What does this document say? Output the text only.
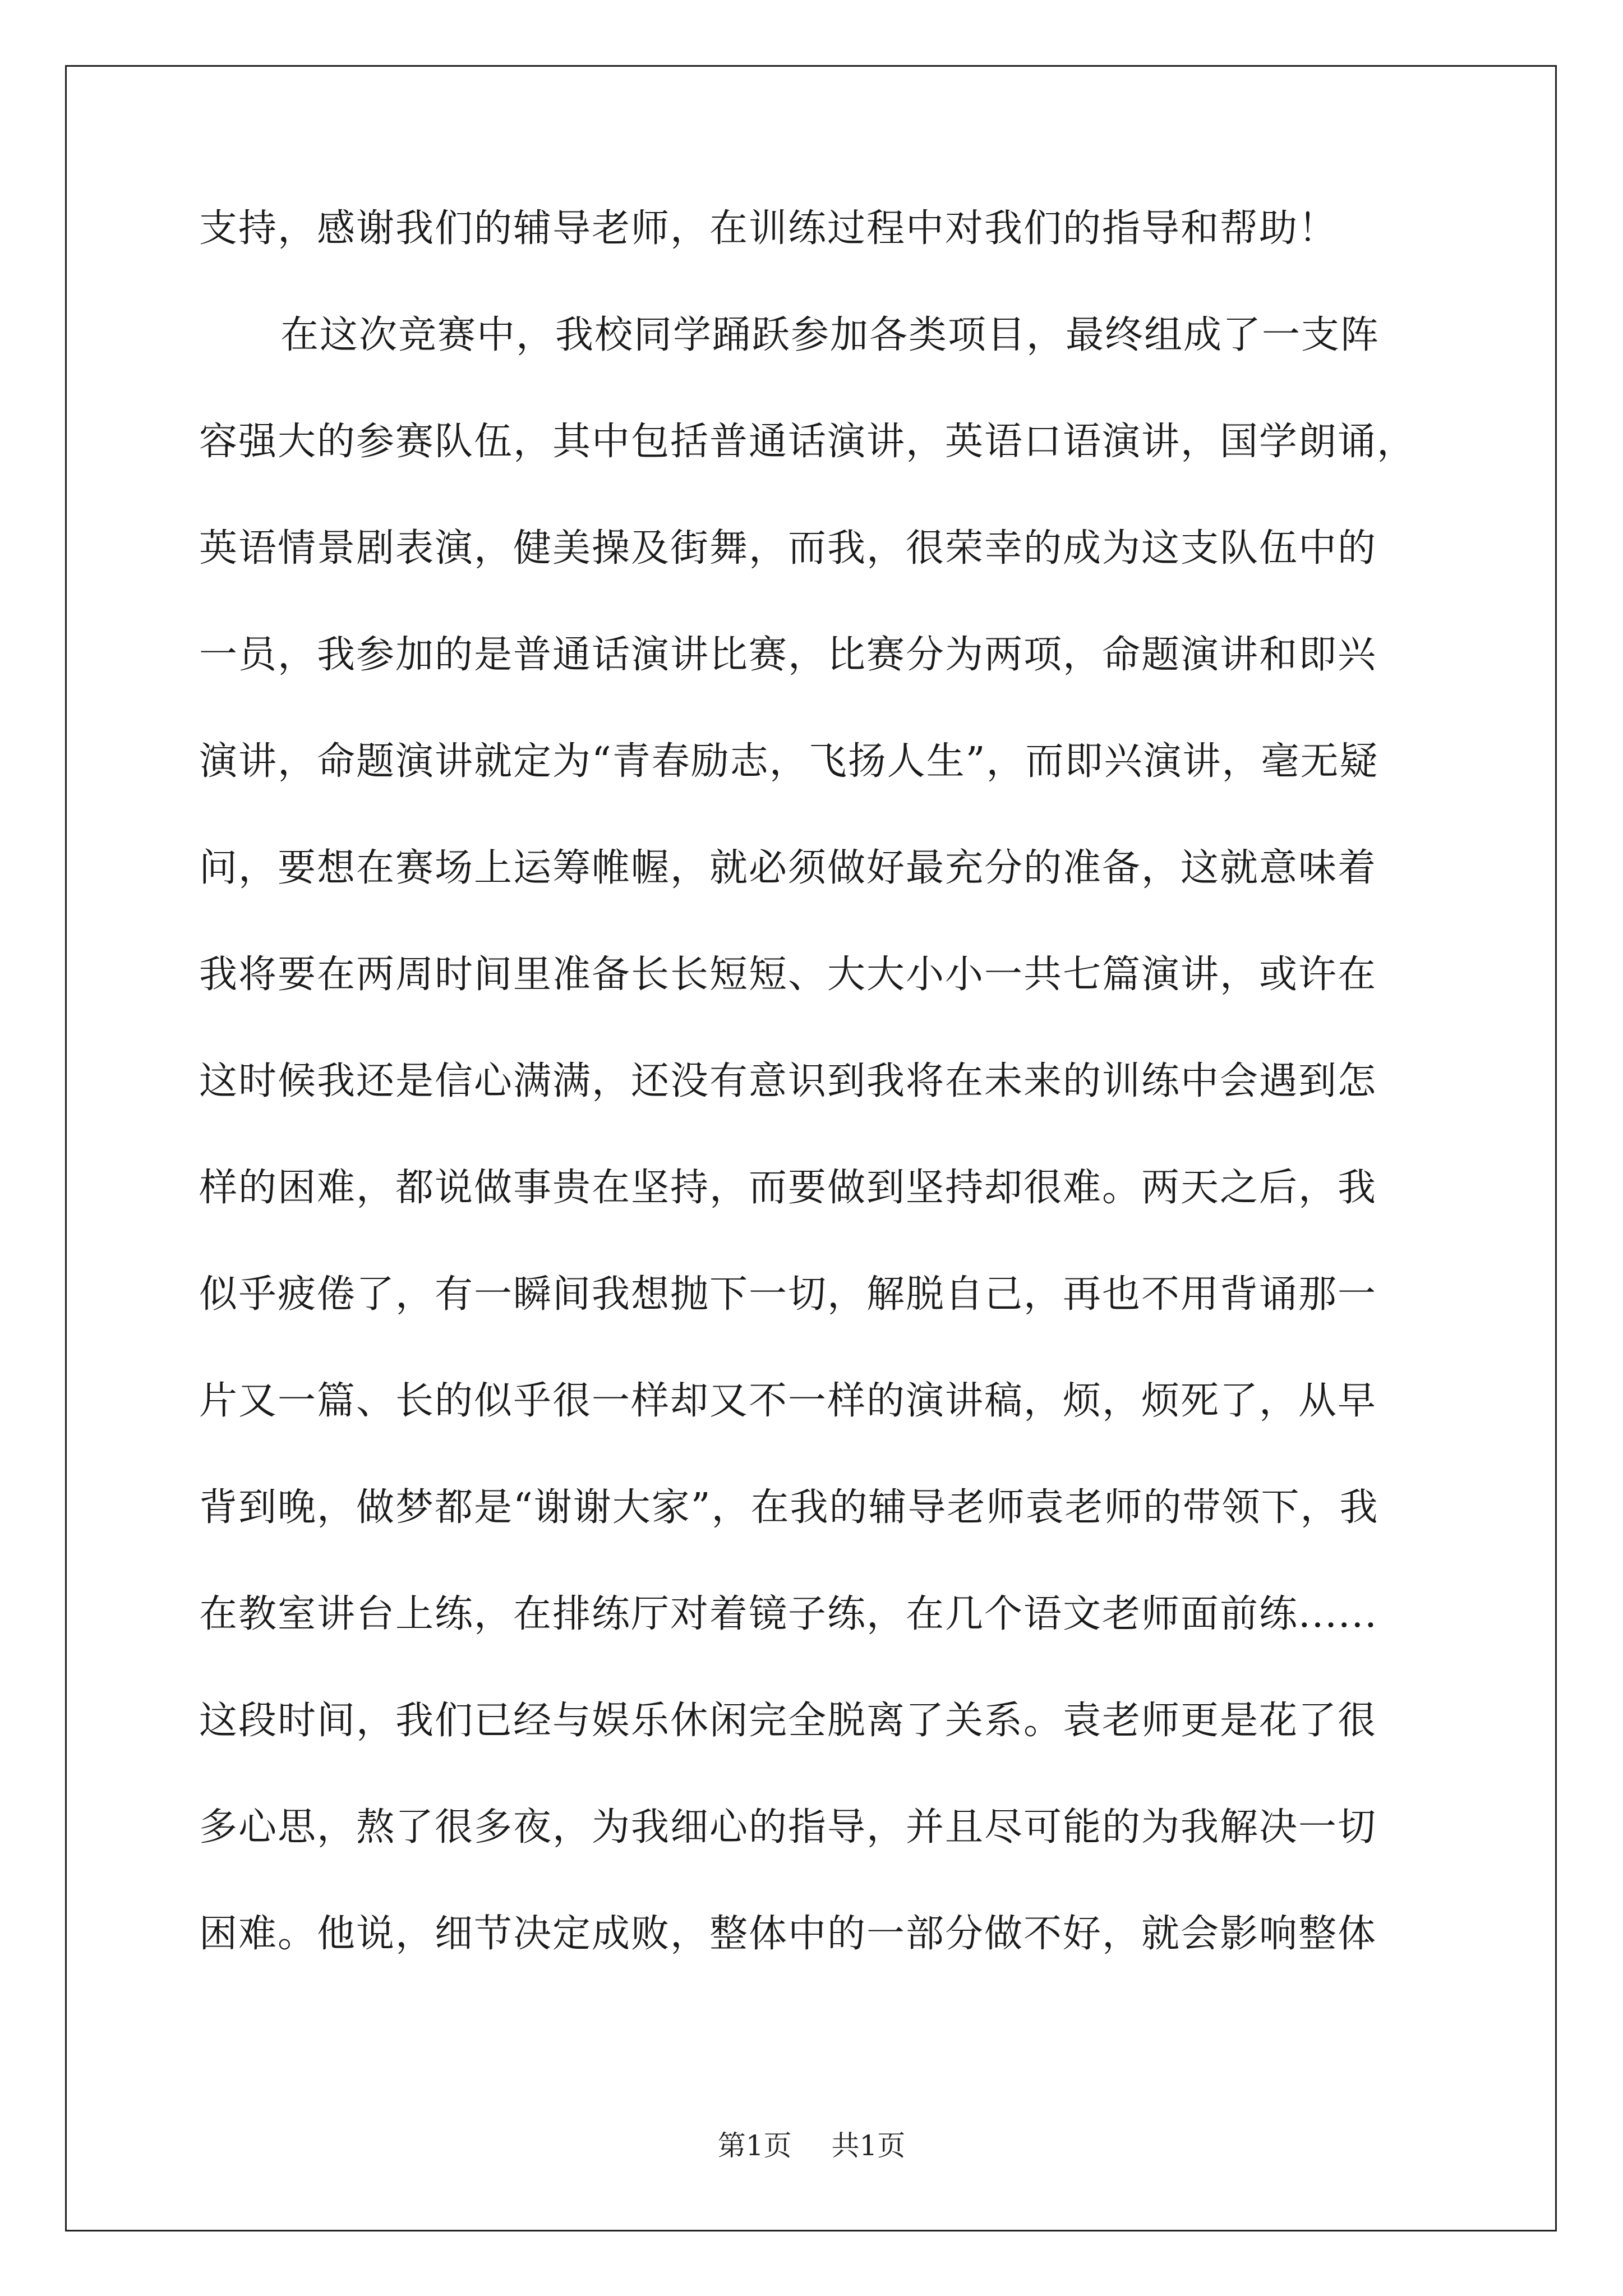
支持，感谢我们的辅导老师，在训练过程中对我们的指导和帮助！
在这次竞赛中，我校同学踊跃参加各类项目，最终组成了一支阵
容强大的参赛队伍，其中包括普通话演讲，英语口语演讲，国学朗诵，
英语情景剧表演，健美操及街舞，而我，很荣幸的成为这支队伍中的
一员，我参加的是普通话演讲比赛，比赛分为两项，命题演讲和即兴
演讲，命题演讲就定为“青春励志，飞扬人生”，而即兴演讲，毫无疑
问，要想在赛场上运筹帷幄，就必须做好最充分的准备，这就意味着
我将要在两周时间里准备长长短短、大大小小一共七篇演讲，或许在
这时候我还是信心满满，还没有意识到我将在未来的训练中会遇到怎
样的困难，都说做事贵在坚持，而要做到坚持却很难。两天之后，我
似乎疲倦了，有一瞬间我想抛下一切，解脱自己，再也不用背诵那一
片又一篇、长的似乎很一样却又不一样的演讲稿，烦，烦死了，从早
背到晚，做梦都是“谢谢大家”，在我的辅导老师袁老师的带领下，我
在教室讲台上练，在排练厅对着镜子练，在几个语文老师面前练......
这段时间，我们已经与娱乐休闲完全脱离了关系。袁老师更是花了很
多心思，熬了很多夜，为我细心的指导，并且尽可能的为我解决一切
困难。他说，细节决定成败，整体中的一部分做不好，就会影响整体
第1页 共1页
